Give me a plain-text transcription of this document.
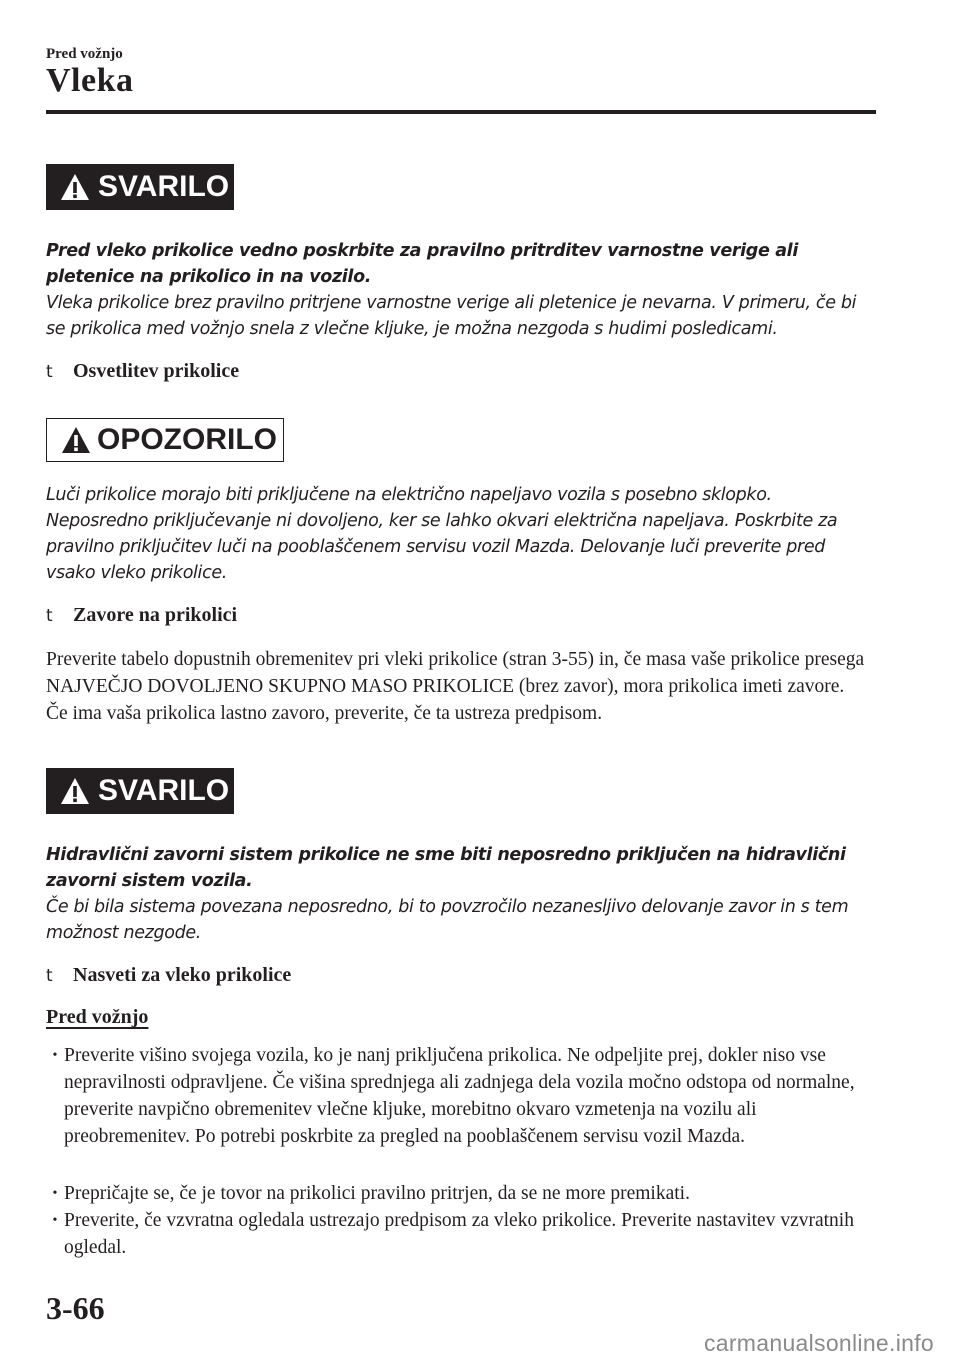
Pred vožnjo
Vleka
SVARILO
Pred vleko prikolice vedno poskrbite za pravilno pritrditev varnostne verige ali pletenice na prikolico in na vozilo.
Vleka prikolice brez pravilno pritrjene varnostne verige ali pletenice je nevarna. V primeru, če bi se prikolica med vožnjo snela z vlečne kljuke, je možna nezgoda s hudimi posledicami.
t	Osvetlitev prikolice
OPOZORILO
Luči prikolice morajo biti priključene na električno napeljavo vozila s posebno sklopko. Neposredno priključevanje ni dovoljeno, ker se lahko okvari električna napeljava. Poskrbite za pravilno priključitev luči na pooblaščenem servisu vozil Mazda. Delovanje luči preverite pred vsako vleko prikolice.
t	Zavore na prikolici
Preverite tabelo dopustnih obremenitev pri vleki prikolice (stran 3-55) in, če masa vaše prikolice presega NAJVEČJO DOVOLJENO SKUPNO MASO PRIKOLICE (brez zavor), mora prikolica imeti zavore.
Če ima vaša prikolica lastno zavoro, preverite, če ta ustreza predpisom.
SVARILO
Hidravlični zavorni sistem prikolice ne sme biti neposredno priključen na hidravlični zavorni sistem vozila.
Če bi bila sistema povezana neposredno, bi to povzročilo nezanesljivo delovanje zavor in s tem možnost nezgode.
t	Nasveti za vleko prikolice
Pred vožnjo
• Preverite višino svojega vozila, ko je nanj priključena prikolica. Ne odpeljite prej, dokler niso vse nepravilnosti odpravljene. Če višina sprednjega ali zadnjega dela vozila močno odstopa od normalne, preverite navpično obremenitev vlečne kljuke, morebitno okvaro vzmetenja na vozilu ali preobremenitev. Po potrebi poskrbite za pregled na pooblaščenem servisu vozil Mazda.
• Prepričajte se, če je tovor na prikolici pravilno pritrjen, da se ne more premikati.
• Preverite, če vzvratna ogledala ustrezajo predpisom za vleko prikolice. Preverite nastavitev vzvratnih ogledal.
3-66
carmanualsonline.info
